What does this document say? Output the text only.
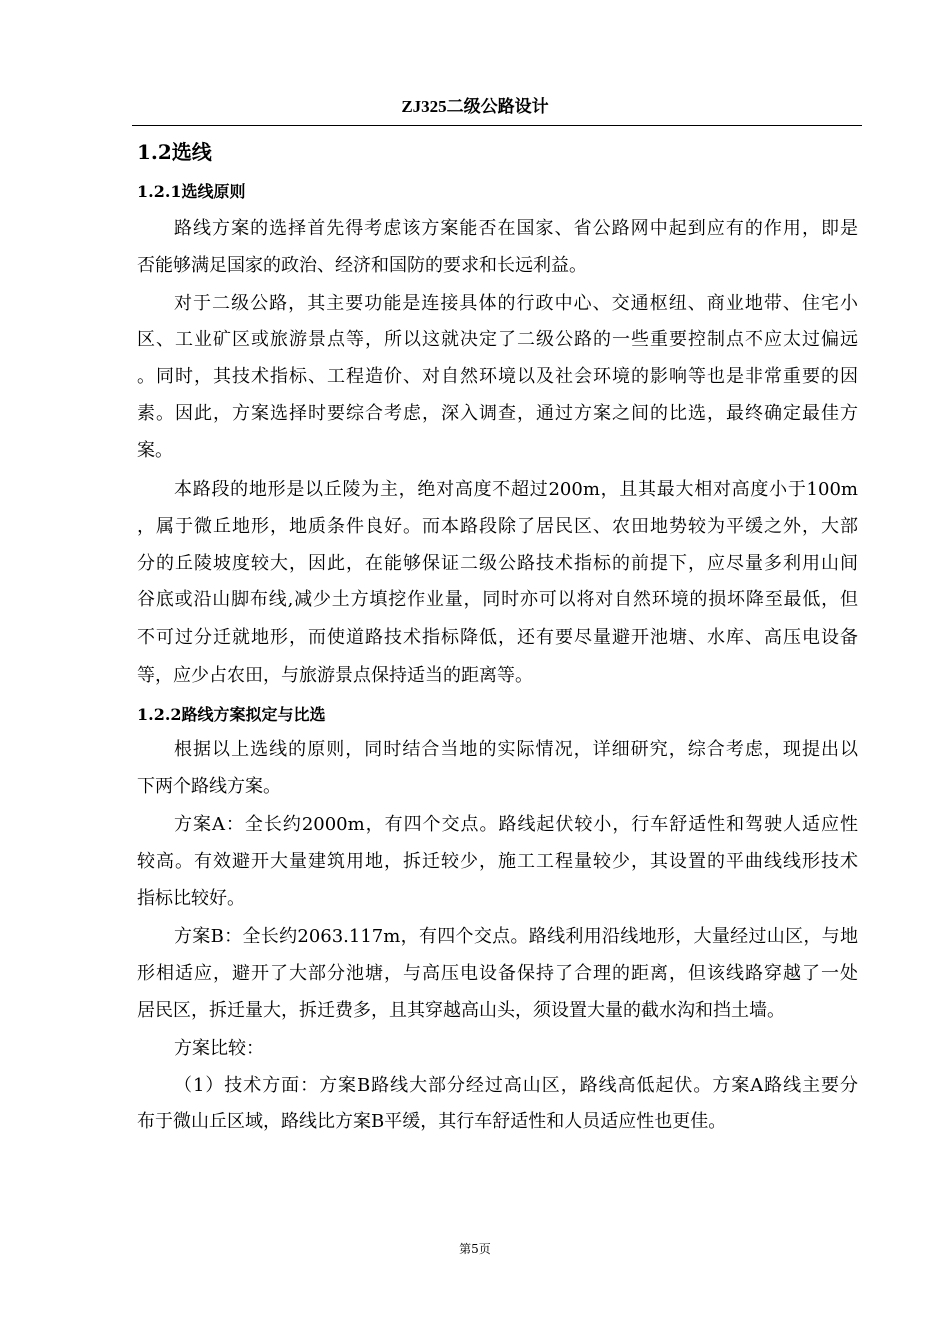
ZJ325二级公路设计
1.2选线
1.2.1选线原则
路线方案的选择首先得考虑该方案能否在国家、省公路网中起到应有的作用，即是
否能够满足国家的政治、经济和国防的要求和长远利益。
对于二级公路，其主要功能是连接具体的行政中心、交通枢纽、商业地带、住宅小
区、工业矿区或旅游景点等，所以这就决定了二级公路的一些重要控制点不应太过偏远
。同时，其技术指标、工程造价、对自然环境以及社会环境的影响等也是非常重要的因
素。因此，方案选择时要综合考虑，深入调查，通过方案之间的比选，最终确定最佳方
案。
本路段的地形是以丘陵为主，绝对高度不超过200m，且其最大相对高度小于100m
，属于微丘地形，地质条件良好。而本路段除了居民区、农田地势较为平缓之外，大部
分的丘陵坡度较大，因此，在能够保证二级公路技术指标的前提下，应尽量多利用山间
谷底或沿山脚布线,减少土方填挖作业量，同时亦可以将对自然环境的损坏降至最低，但
不可过分迁就地形，而使道路技术指标降低，还有要尽量避开池塘、水库、高压电设备
等，应少占农田，与旅游景点保持适当的距离等。
1.2.2路线方案拟定与比选
根据以上选线的原则，同时结合当地的实际情况，详细研究，综合考虑，现提出以
下两个路线方案。
方案A：全长约2000m，有四个交点。路线起伏较小，行车舒适性和驾驶人适应性
较高。有效避开大量建筑用地，拆迁较少，施工工程量较少，其设置的平曲线线形技术
指标比较好。
方案B：全长约2063.117m，有四个交点。路线利用沿线地形，大量经过山区，与地
形相适应，避开了大部分池塘，与高压电设备保持了合理的距离，但该线路穿越了一处
居民区，拆迁量大，拆迁费多，且其穿越高山头，须设置大量的截水沟和挡土墙。
方案比较：
（1）技术方面：方案B路线大部分经过高山区，路线高低起伏。方案A路线主要分
布于微山丘区域，路线比方案B平缓，其行车舒适性和人员适应性也更佳。
第5页
